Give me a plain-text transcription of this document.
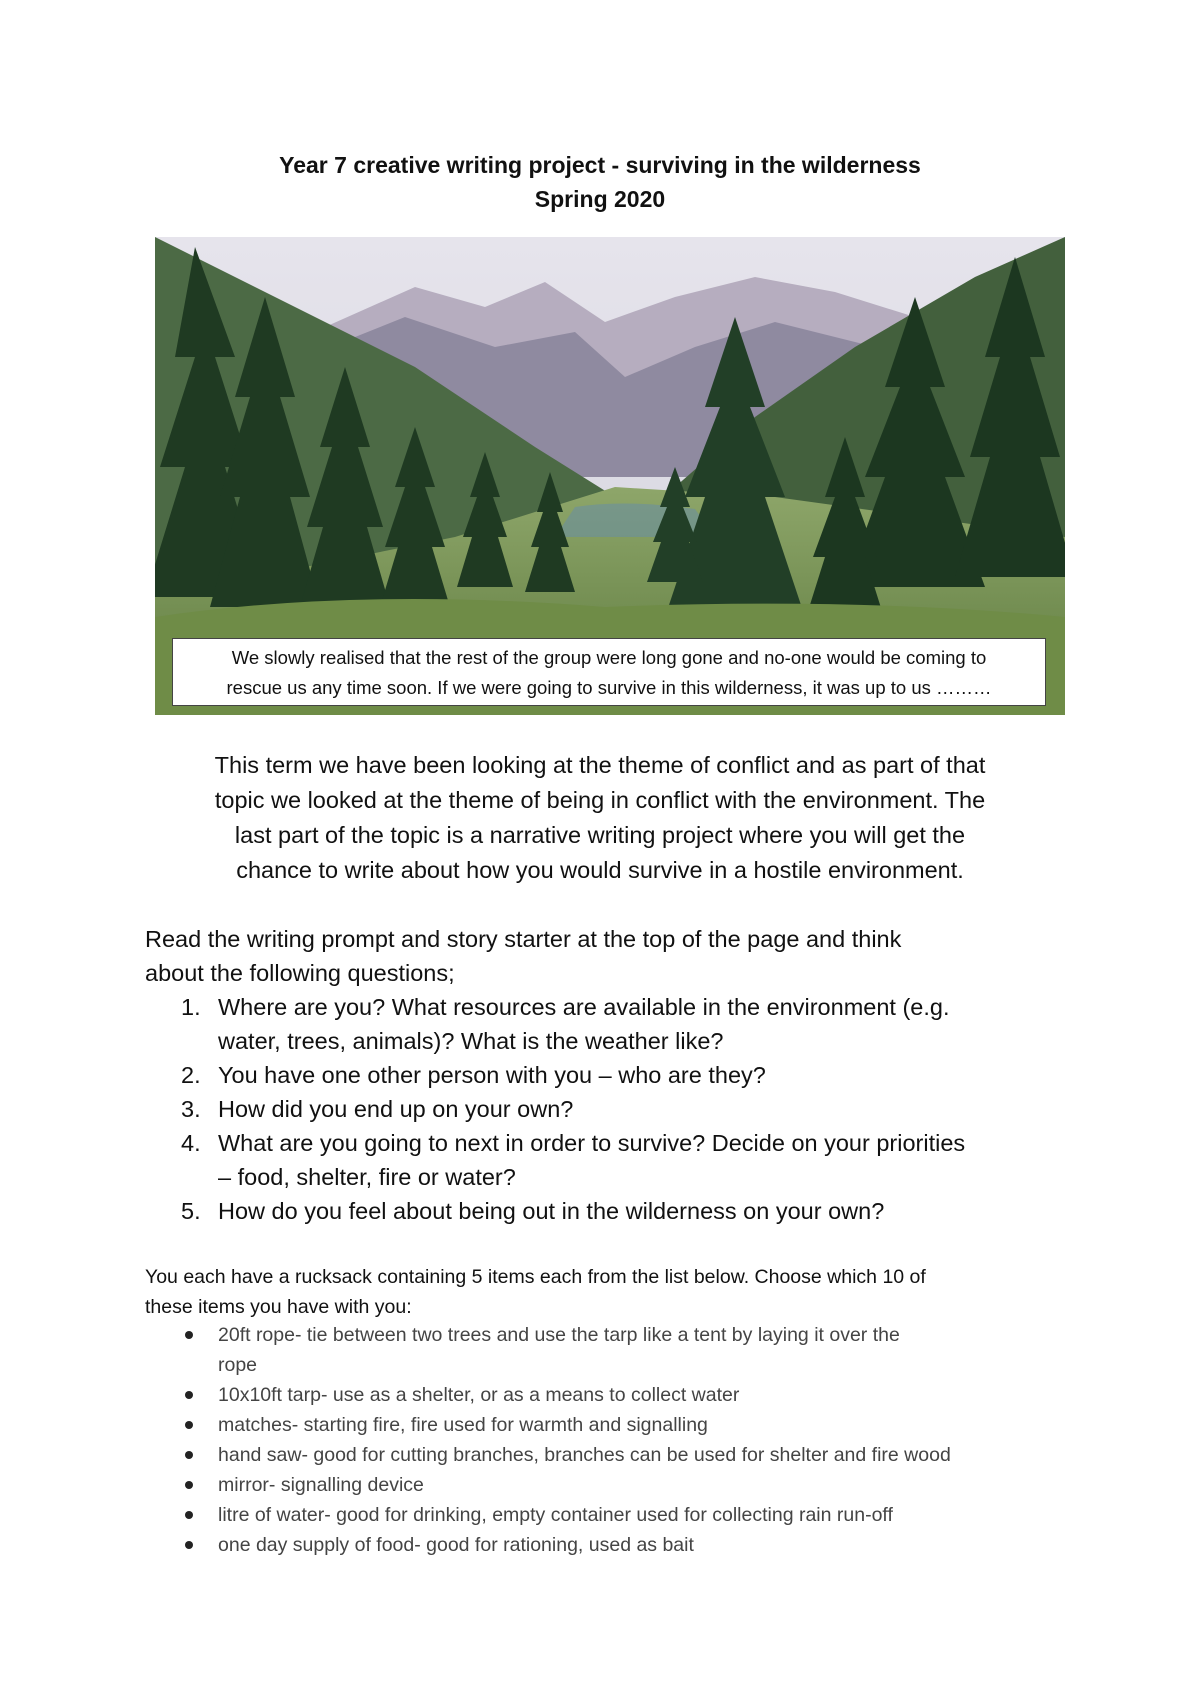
Year 7 creative writing project - surviving in the wilderness
Spring 2020
We slowly realised that the rest of the group were long gone and no-one would be coming to
rescue us any time soon. If we were going to survive in this wilderness, it was up to us ………
This term we have been looking at the theme of conflict and as part of that
topic we looked at the theme of being in conflict with the environment. The
last part of the topic is a narrative writing project where you will get the
chance to write about how you would survive in a hostile environment.
Read the writing prompt and story starter at the top of the page and think
about the following questions;
1. Where are you? What resources are available in the environment (e.g.
water, trees, animals)? What is the weather like?
2. You have one other person with you – who are they?
3. How did you end up on your own?
4. What are you going to next in order to survive? Decide on your priorities
– food, shelter, fire or water?
5. How do you feel about being out in the wilderness on your own?
You each have a rucksack containing 5 items each from the list below. Choose which 10 of
these items you have with you:
20ft rope- tie between two trees and use the tarp like a tent by laying it over the
rope
10x10ft tarp- use as a shelter, or as a means to collect water
matches- starting fire, fire used for warmth and signalling
hand saw- good for cutting branches, branches can be used for shelter and fire wood
mirror- signalling device
litre of water- good for drinking, empty container used for collecting rain run-off
one day supply of food- good for rationing, used as bait
